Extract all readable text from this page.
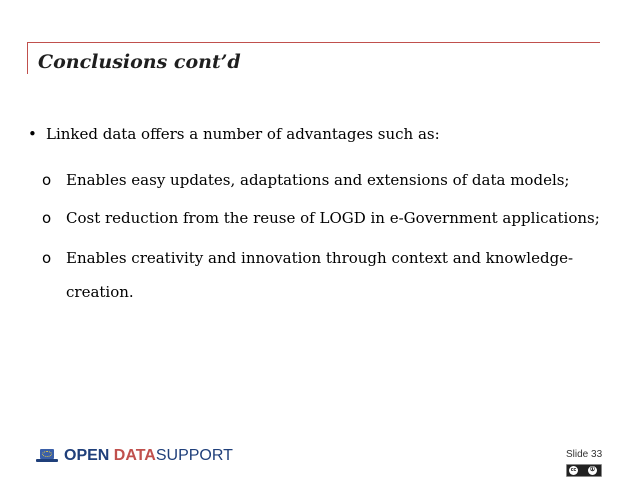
Conclusions cont’d
• Linked data offers a number of advantages such as:
o Enables easy updates, adaptations and extensions of data models;
o Cost reduction from the reuse of LOGD in e-Government applications;
o Enables creativity and innovation through context and knowledge-
creation.
OPEN DATASUPPORT	Slide 33
cc ①
